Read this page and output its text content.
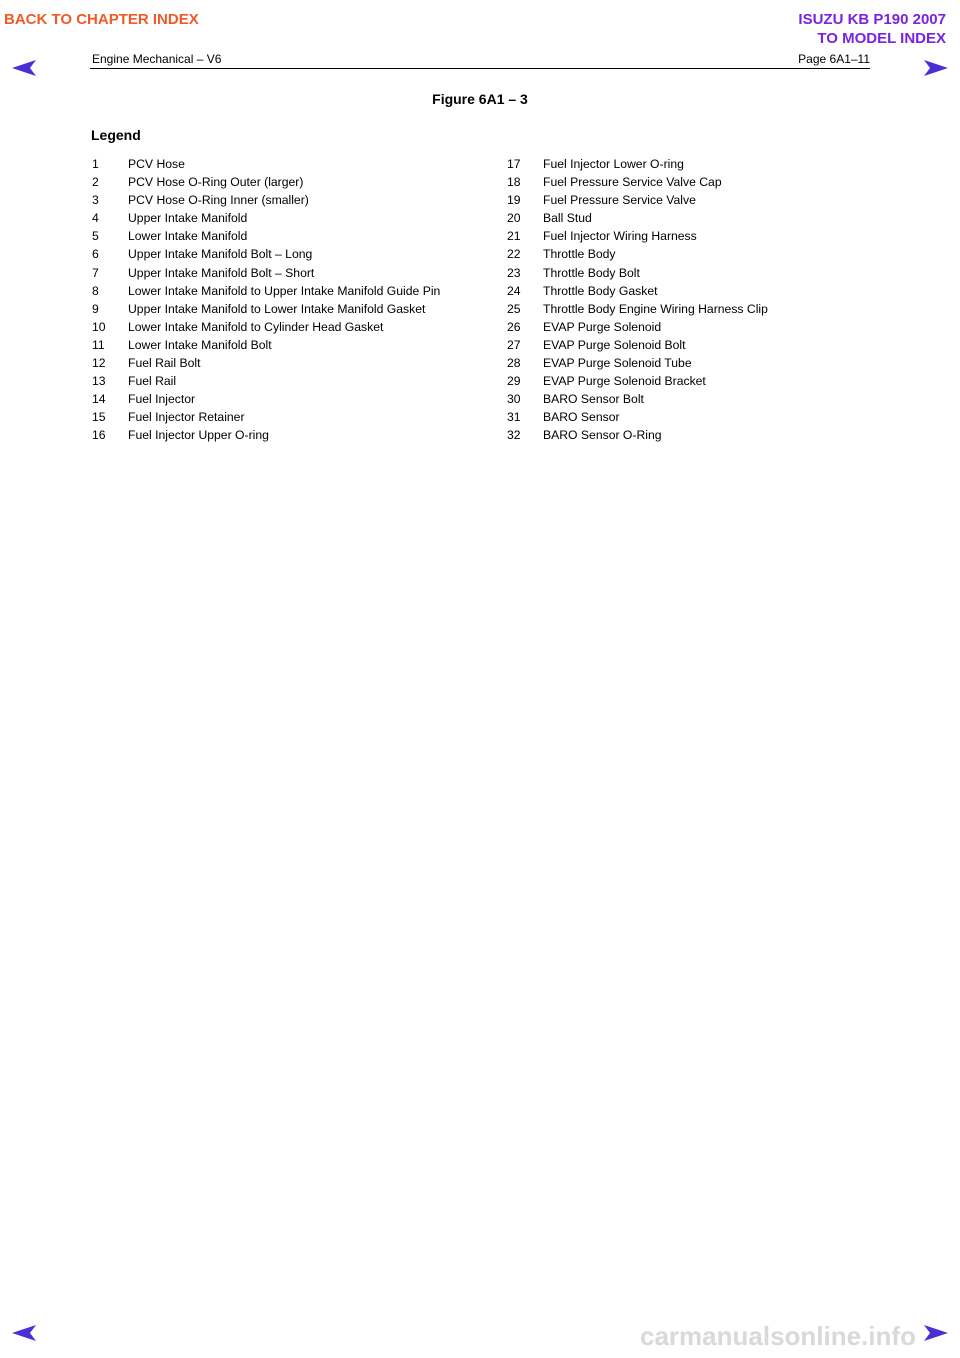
BACK TO CHAPTER INDEX	ISUZU KB P190 2007
TO MODEL INDEX
Engine Mechanical – V6	Page 6A1–11
Figure 6A1 – 3
Legend
1 PCV Hose
2 PCV Hose O-Ring Outer (larger)
3 PCV Hose O-Ring Inner (smaller)
4 Upper Intake Manifold
5 Lower Intake Manifold
6 Upper Intake Manifold Bolt – Long
7 Upper Intake Manifold Bolt – Short
8 Lower Intake Manifold to Upper Intake Manifold Guide Pin
9 Upper Intake Manifold to Lower Intake Manifold Gasket
10 Lower Intake Manifold to Cylinder Head Gasket
11 Lower Intake Manifold Bolt
12 Fuel Rail Bolt
13 Fuel Rail
14 Fuel Injector
15 Fuel Injector Retainer
16 Fuel Injector Upper O-ring
17 Fuel Injector Lower O-ring
18 Fuel Pressure Service Valve Cap
19 Fuel Pressure Service Valve
20 Ball Stud
21 Fuel Injector Wiring Harness
22 Throttle Body
23 Throttle Body Bolt
24 Throttle Body Gasket
25 Throttle Body Engine Wiring Harness Clip
26 EVAP Purge Solenoid
27 EVAP Purge Solenoid Bolt
28 EVAP Purge Solenoid Tube
29 EVAP Purge Solenoid Bracket
30 BARO Sensor Bolt
31 BARO Sensor
32 BARO Sensor O-Ring
carmanualsonline.info
